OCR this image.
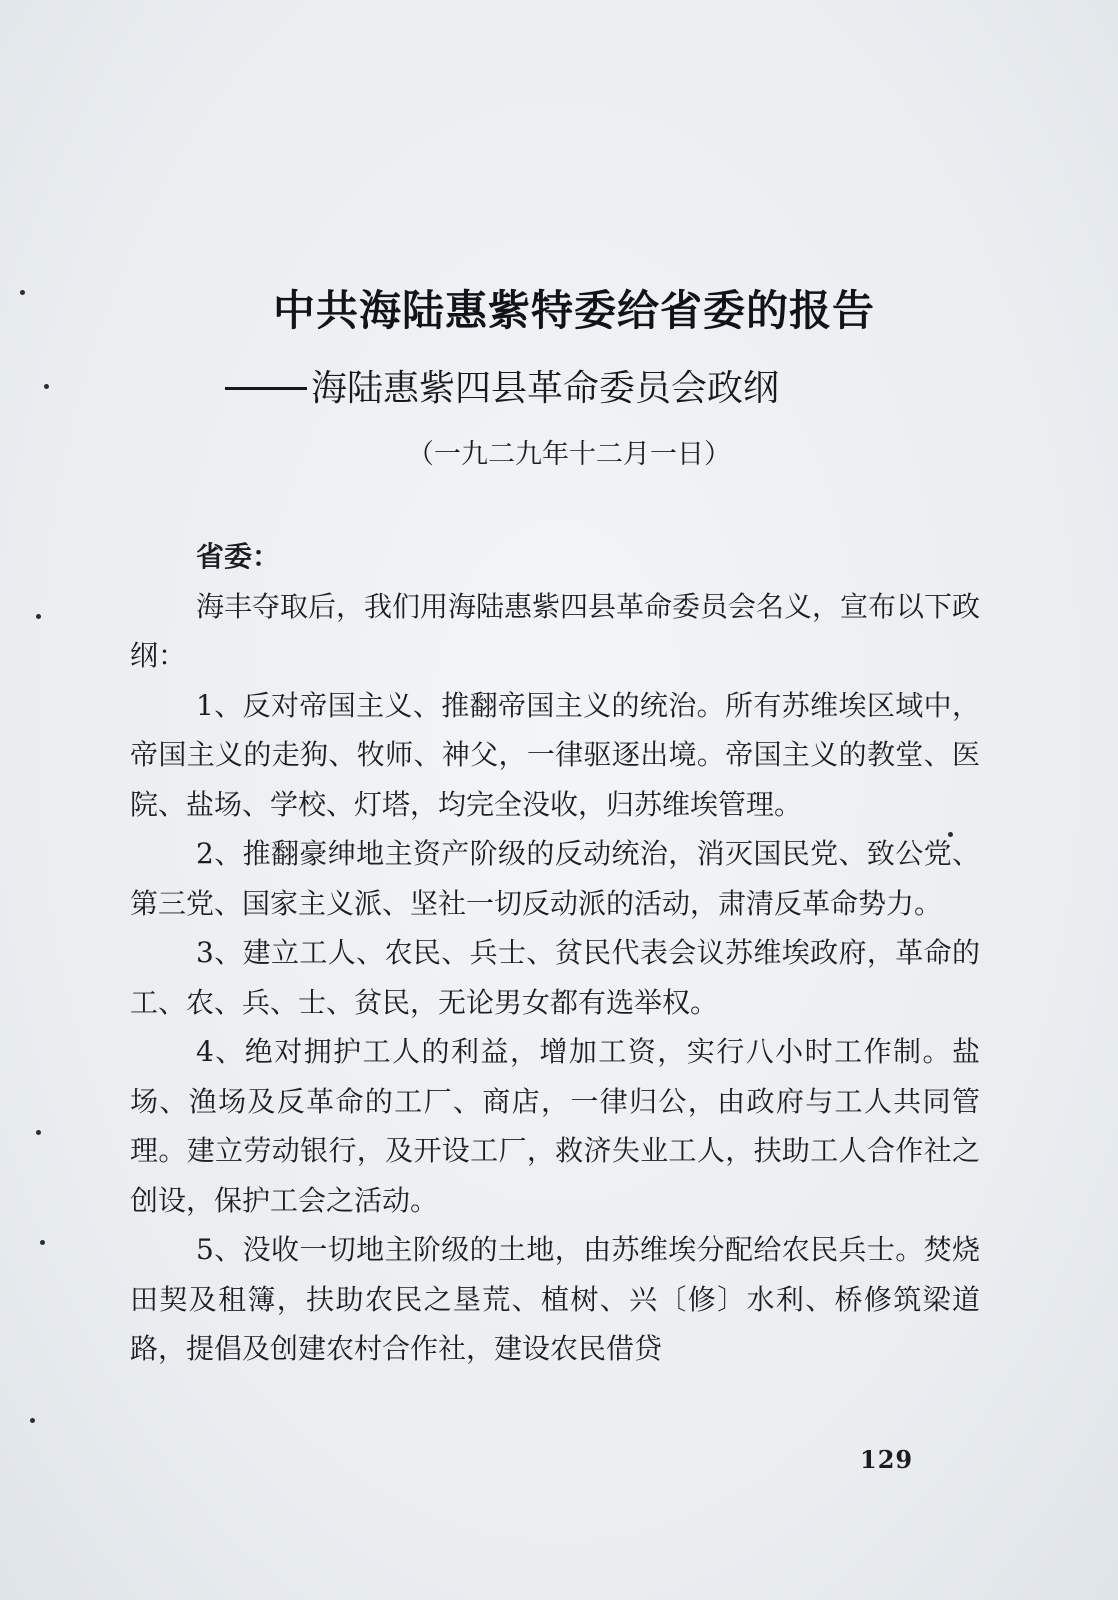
中共海陆惠紫特委给省委的报告
海陆惠紫四县革命委员会政纲
（一九二九年十二月一日）

省委：

海丰夺取后，我们用海陆惠紫四县革命委员会名义，宣布以下政纲：

1、反对帝国主义、推翻帝国主义的统治。所有苏维埃区域中，帝国主义的走狗、牧师、神父，一律驱逐出境。帝国主义的教堂、医院、盐场、学校、灯塔，均完全没收，归苏维埃管理。

2、推翻豪绅地主资产阶级的反动统治，消灭国民党、致公党、第三党、国家主义派、坚社一切反动派的活动，肃清反革命势力。

3、建立工人、农民、兵士、贫民代表会议苏维埃政府，革命的工、农、兵、士、贫民，无论男女都有选举权。

4、绝对拥护工人的利益，增加工资，实行八小时工作制。盐场、渔场及反革命的工厂、商店，一律归公，由政府与工人共同管理。建立劳动银行，及开设工厂，救济失业工人，扶助工人合作社之创设，保护工会之活动。

5、没收一切地主阶级的土地，由苏维埃分配给农民兵士。焚烧田契及租簿，扶助农民之垦荒、植树、兴〔修〕水利、桥修筑梁道路，提倡及创建农村合作社，建设农民借贷

129
